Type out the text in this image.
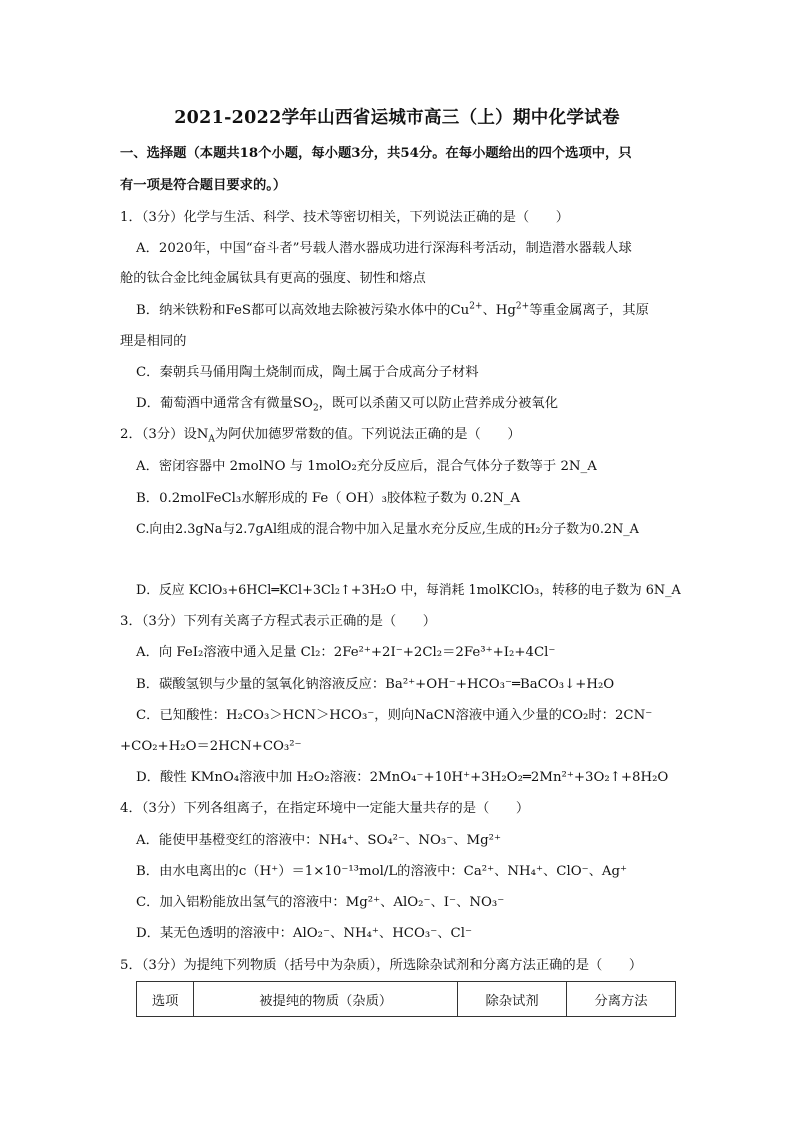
2021-2022学年山西省运城市高三（上）期中化学试卷
一、选择题（本题共18个小题，每小题3分，共54分。在每小题给出的四个选项中，只
有一项是符合题目要求的。）
1．（3分）化学与生活、科学、技术等密切相关，下列说法正确的是（　　）
A．2020年，中国“奋斗者”号载人潜水器成功进行深海科考活动，制造潜水器载人球
舱的钛合金比纯金属钛具有更高的强度、韧性和熔点
B．纳米铁粉和FeS都可以高效地去除被污染水体中的$Cu^{2+}$、$Hg^{2+}$等重金属离子，其原
理是相同的
C．秦朝兵马俑用陶土烧制而成，陶土属于合成高分子材料
D．葡萄酒中通常含有微量$SO_2$，既可以杀菌又可以防止营养成分被氧化
2．（3分）设$N_A$为阿伏加德罗常数的值。下列说法正确的是（　　）
A．密闭容器中 2molNO 与 1molO₂充分反应后，混合气体分子数等于 2N_A
B．0.2molFeCl₃水解形成的 Fe（ OH）₃胶体粒子数为 0.2N_A
C.向由2.3gNa与2.7gAl组成的混合物中加入足量水充分反应,生成的H₂分子数为0.2N_A
D．反应 KClO₃+6HCl═KCl+3Cl₂↑+3H₂O 中，每消耗 1molKClO₃，转移的电子数为 6N_A
3．（3分）下列有关离子方程式表示正确的是（　　）
A．向 FeI₂溶液中通入足量 Cl₂：2Fe²⁺+2I⁻+2Cl₂＝2Fe³⁺+I₂+4Cl⁻
B．碳酸氢钡与少量的氢氧化钠溶液反应：Ba²⁺+OH⁻+HCO₃⁻═BaCO₃↓+H₂O
C．已知酸性：H₂CO₃＞HCN＞HCO₃⁻，则向NaCN溶液中通入少量的CO₂时：2CN⁻
+CO₂+H₂O＝2HCN+CO₃²⁻
D．酸性 KMnO₄溶液中加 H₂O₂溶液：2MnO₄⁻+10H⁺+3H₂O₂═2Mn²⁺+3O₂↑+8H₂O
4．（3分）下列各组离子，在指定环境中一定能大量共存的是（　　）
A．能使甲基橙变红的溶液中：NH₄⁺、SO₄²⁻、NO₃⁻、Mg²⁺
B．由水电离出的c（H⁺）＝1×10⁻¹³mol/L的溶液中：Ca²⁺、NH₄⁺、ClO⁻、Ag⁺
C．加入铝粉能放出氢气的溶液中：Mg²⁺、AlO₂⁻、I⁻、NO₃⁻
D．某无色透明的溶液中：AlO₂⁻、NH₄⁺、HCO₃⁻、Cl⁻
5．（3分）为提纯下列物质（括号中为杂质），所选除杂试剂和分离方法正确的是（　　）
选项	被提纯的物质（杂质）	除杂试剂	分离方法
